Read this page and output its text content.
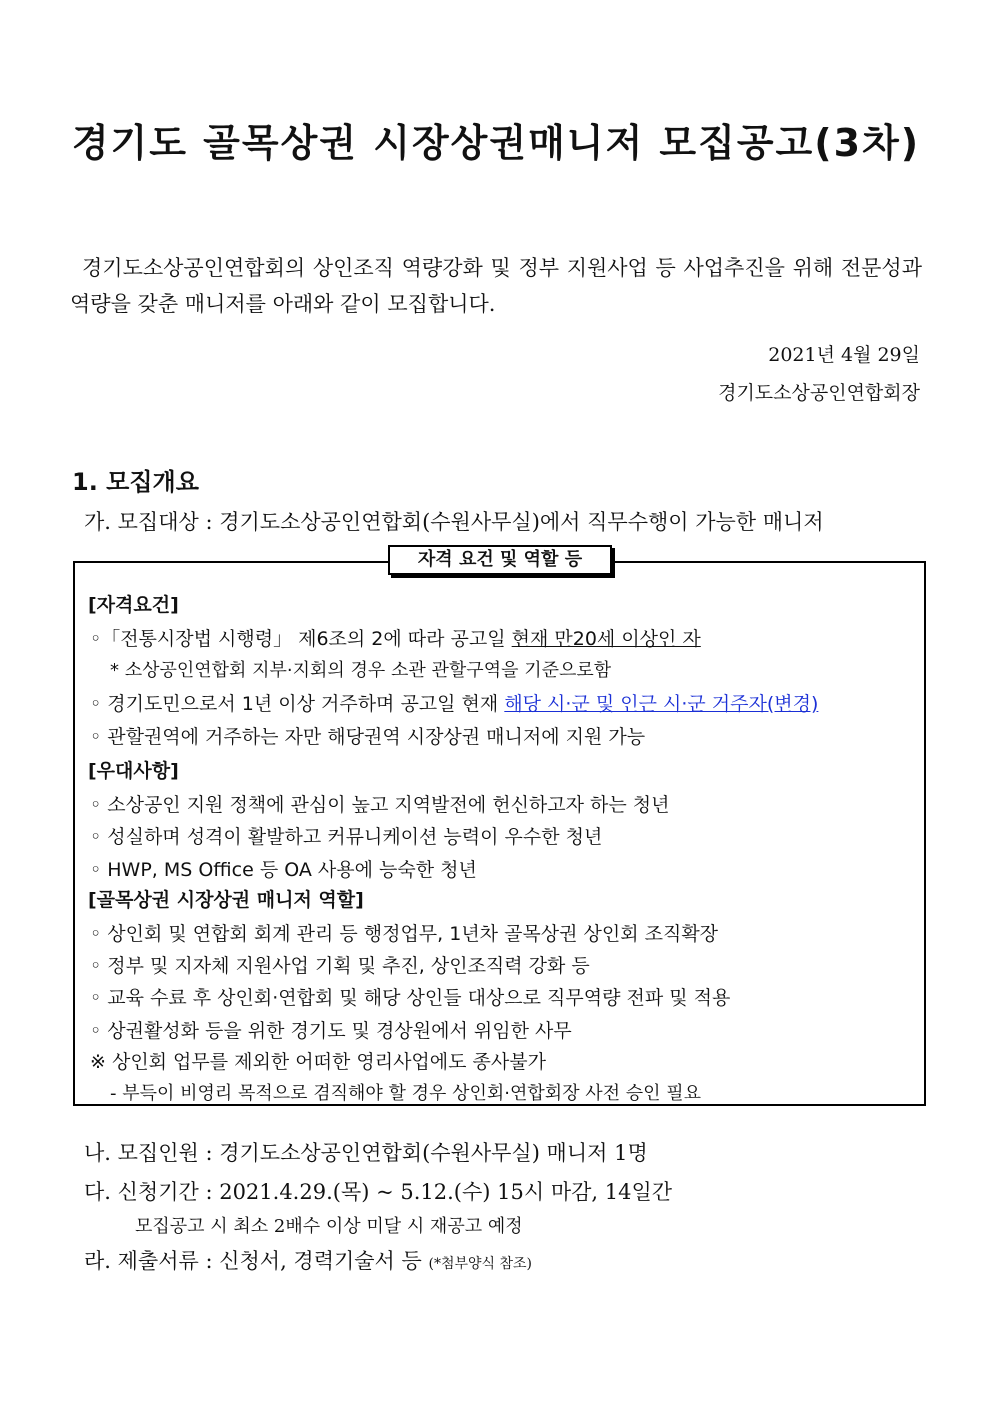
경기도 골목상권 시장상권매니저 모집공고(3차)
경기도소상공인연합회의 상인조직 역량강화 및 정부 지원사업 등 사업추진을 위해 전문성과 역량을 갖춘 매니저를 아래와 같이 모집합니다.
2021년 4월 29일
경기도소상공인연합회장
1. 모집개요
가. 모집대상 : 경기도소상공인연합회(수원사무실)에서 직무수행이 가능한 매니저
자격 요건 및 역할 등
[자격요건]
◦「전통시장법 시행령」 제6조의 2에 따라 공고일 현재 만20세 이상인 자
* 소상공인연합회 지부·지회의 경우 소관 관할구역을 기준으로함
◦ 경기도민으로서 1년 이상 거주하며 공고일 현재 해당 시·군 및 인근 시·군 거주자(변경)
◦ 관할권역에 거주하는 자만 해당권역 시장상권 매니저에 지원 가능
[우대사항]
◦ 소상공인 지원 정책에 관심이 높고 지역발전에 헌신하고자 하는 청년
◦ 성실하며 성격이 활발하고 커뮤니케이션 능력이 우수한 청년
◦ HWP, MS Office 등 OA 사용에 능숙한 청년
[골목상권 시장상권 매니저 역할]
◦ 상인회 및 연합회 회계 관리 등 행정업무, 1년차 골목상권 상인회 조직확장
◦ 정부 및 지자체 지원사업 기획 및 추진, 상인조직력 강화 등
◦ 교육 수료 후 상인회·연합회 및 해당 상인들 대상으로 직무역량 전파 및 적용
◦ 상권활성화 등을 위한 경기도 및 경상원에서 위임한 사무
※ 상인회 업무를 제외한 어떠한 영리사업에도 종사불가
- 부득이 비영리 목적으로 겸직해야 할 경우 상인회·연합회장 사전 승인 필요
나. 모집인원 : 경기도소상공인연합회(수원사무실) 매니저 1명
다. 신청기간 : 2021.4.29.(목) ~ 5.12.(수) 15시 마감, 14일간
모집공고 시 최소 2배수 이상 미달 시 재공고 예정
라. 제출서류 : 신청서, 경력기술서 등 (*첨부양식 참조)
